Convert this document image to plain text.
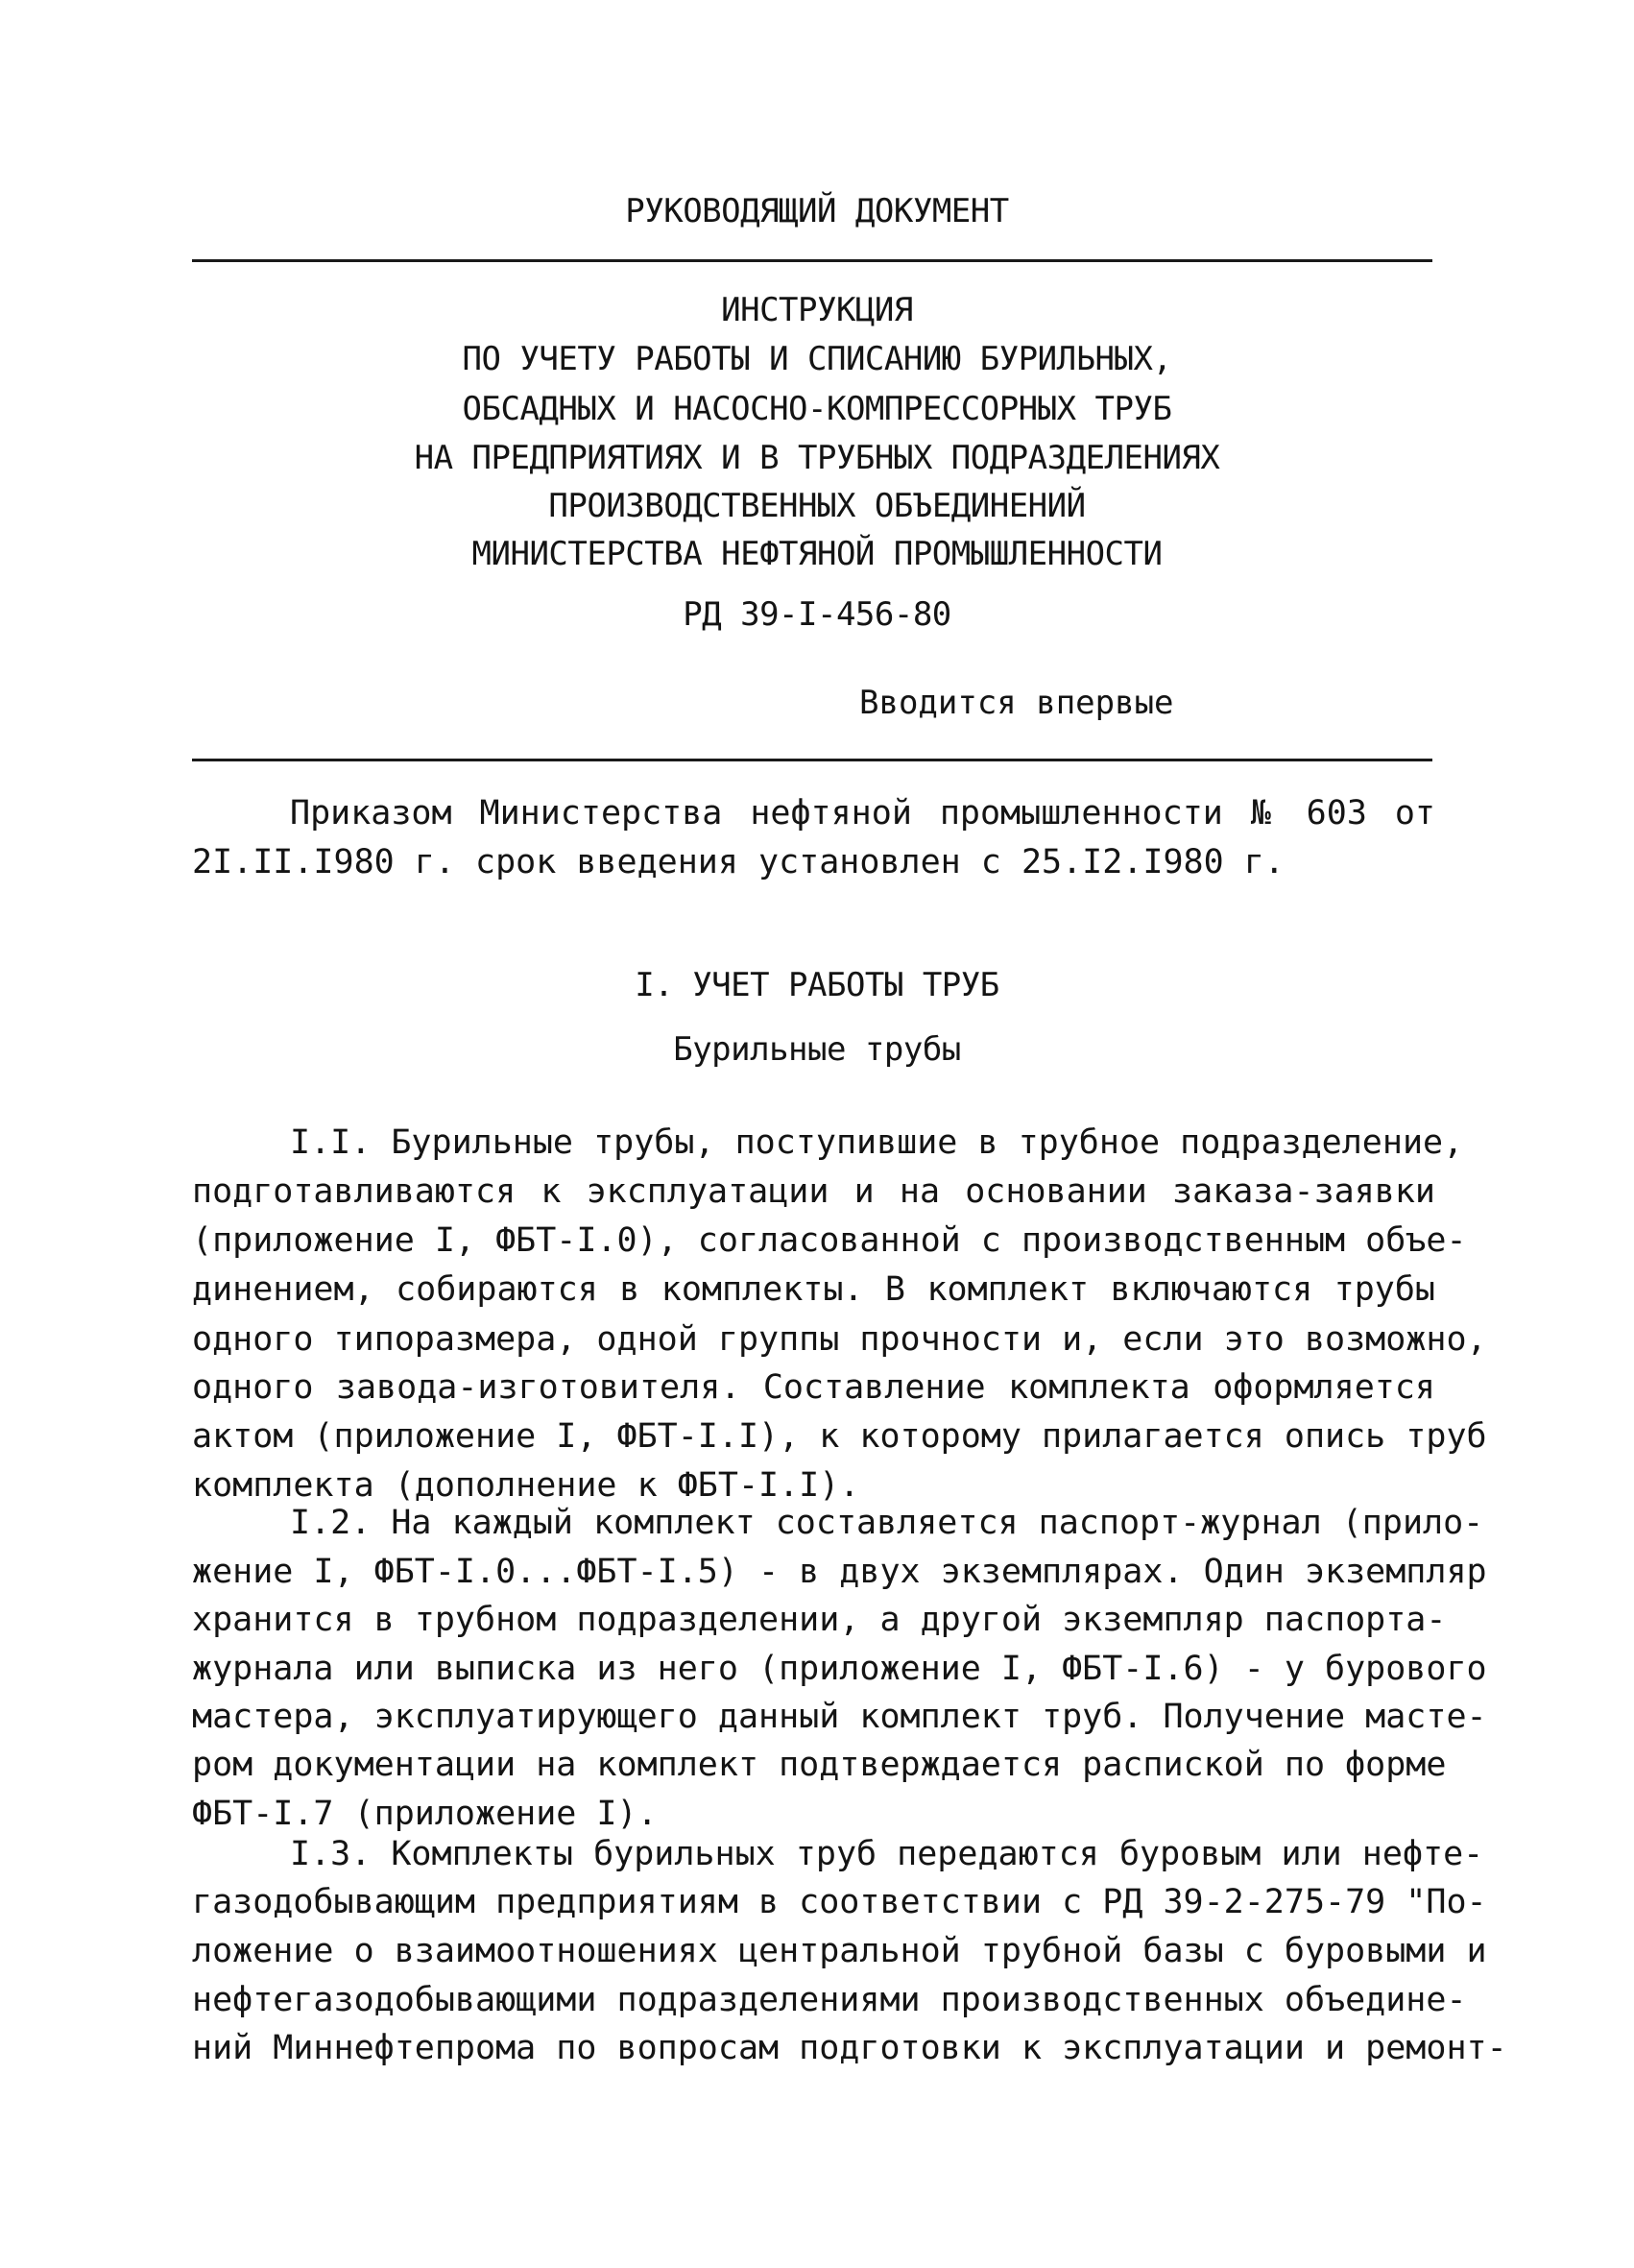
РУКОВОДЯЩИЙ ДОКУМЕНТ
ИНСТРУКЦИЯ
ПО УЧЕТУ РАБОТЫ И СПИСАНИЮ БУРИЛЬНЫХ,
ОБСАДНЫХ И НАСОСНО-КОМПРЕССОРНЫХ ТРУБ
НА ПРЕДПРИЯТИЯХ И В ТРУБНЫХ ПОДРАЗДЕЛЕНИЯХ
ПРОИЗВОДСТВЕННЫХ ОБЪЕДИНЕНИЙ
МИНИСТЕРСТВА НЕФТЯНОЙ ПРОМЫШЛЕННОСТИ
РД 39-I-456-80
Вводится впервые
Приказом Министерства нефтяной промышленности № 603 от
2I.II.I980 г. срок введения установлен с 25.I2.I980 г.
I. УЧЕТ РАБОТЫ ТРУБ
Бурильные трубы
I.I. Бурильные трубы, поступившие в трубное подразделение,
подготавливаются к эксплуатации и на основании заказа-заявки
(приложение I, ФБТ-I.0), согласованной с производственным объе-
динением, собираются в комплекты. В комплект включаются трубы
одного типоразмера, одной группы прочности и, если это возможно,
одного завода-изготовителя. Составление комплекта оформляется
актом (приложение I, ФБТ-I.I), к которому прилагается опись труб
комплекта (дополнение к ФБТ-I.I).
I.2. На каждый комплект составляется паспорт-журнал (прило-
жение I, ФБТ-I.0...ФБТ-I.5) - в двух экземплярах. Один экземпляр
хранится в трубном подразделении, а другой экземпляр паспорта-
журнала или выписка из него (приложение I, ФБТ-I.6) - у бурового
мастера, эксплуатирующего данный комплект труб. Получение масте-
ром документации на комплект подтверждается распиской по форме
ФБТ-I.7 (приложение I).
I.3. Комплекты бурильных труб передаются буровым или нефте-
газодобывающим предприятиям в соответствии с РД 39-2-275-79 "По-
ложение о взаимоотношениях центральной трубной базы с буровыми и
нефтегазодобывающими подразделениями производственных объедине-
ний Миннефтепрома по вопросам подготовки к эксплуатации и ремонт-
